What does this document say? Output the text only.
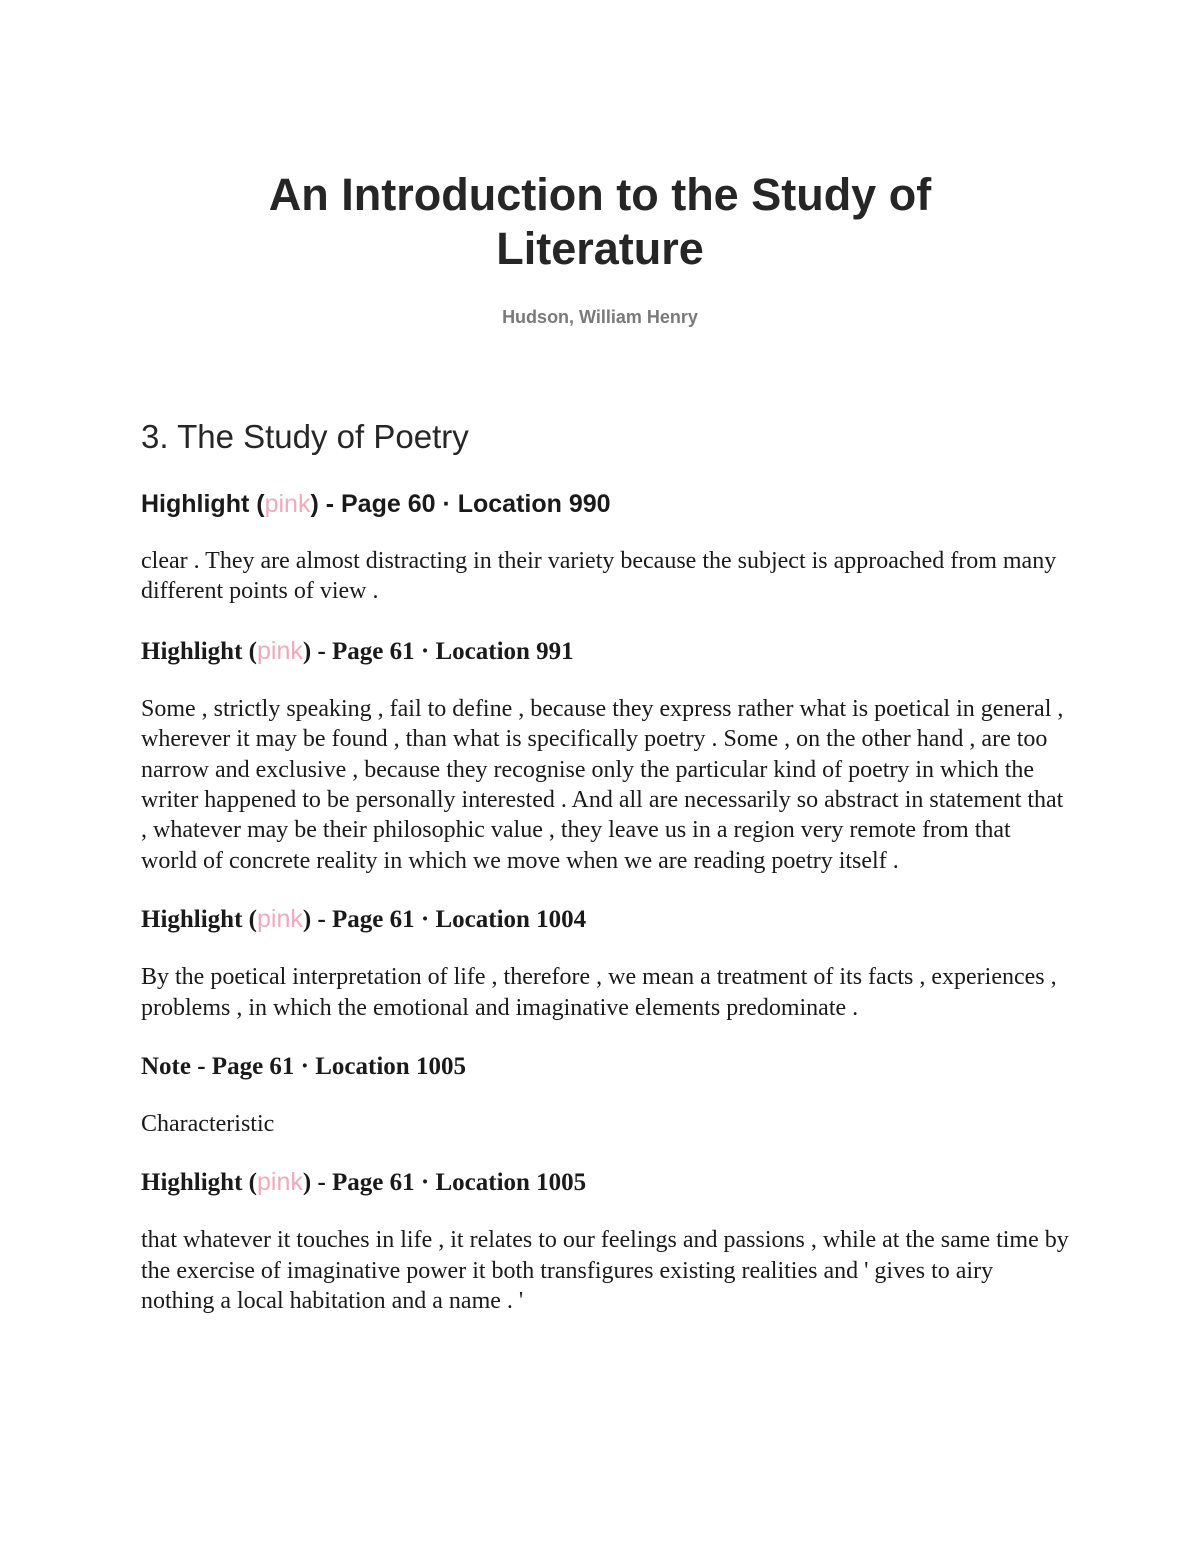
An Introduction to the Study of Literature
Hudson, William Henry
3. The Study of Poetry

Highlight (pink) - Page 60 · Location 990

clear . They are almost distracting in their variety because the subject is approached from many different points of view .

Highlight (pink) - Page 61 · Location 991

Some , strictly speaking , fail to define , because they express rather what is poetical in general , wherever it may be found , than what is specifically poetry . Some , on the other hand , are too narrow and exclusive , because they recognise only the particular kind of poetry in which the writer happened to be personally interested . And all are necessarily so abstract in statement that , whatever may be their philosophic value , they leave us in a region very remote from that world of concrete reality in which we move when we are reading poetry itself .

Highlight (pink) - Page 61 · Location 1004

By the poetical interpretation of life , therefore , we mean a treatment of its facts , experiences , problems , in which the emotional and imaginative elements predominate .

Note - Page 61 · Location 1005

Characteristic

Highlight (pink) - Page 61 · Location 1005

that whatever it touches in life , it relates to our feelings and passions , while at the same time by the exercise of imaginative power it both transfigures existing realities and ' gives to airy nothing a local habitation and a name . '
